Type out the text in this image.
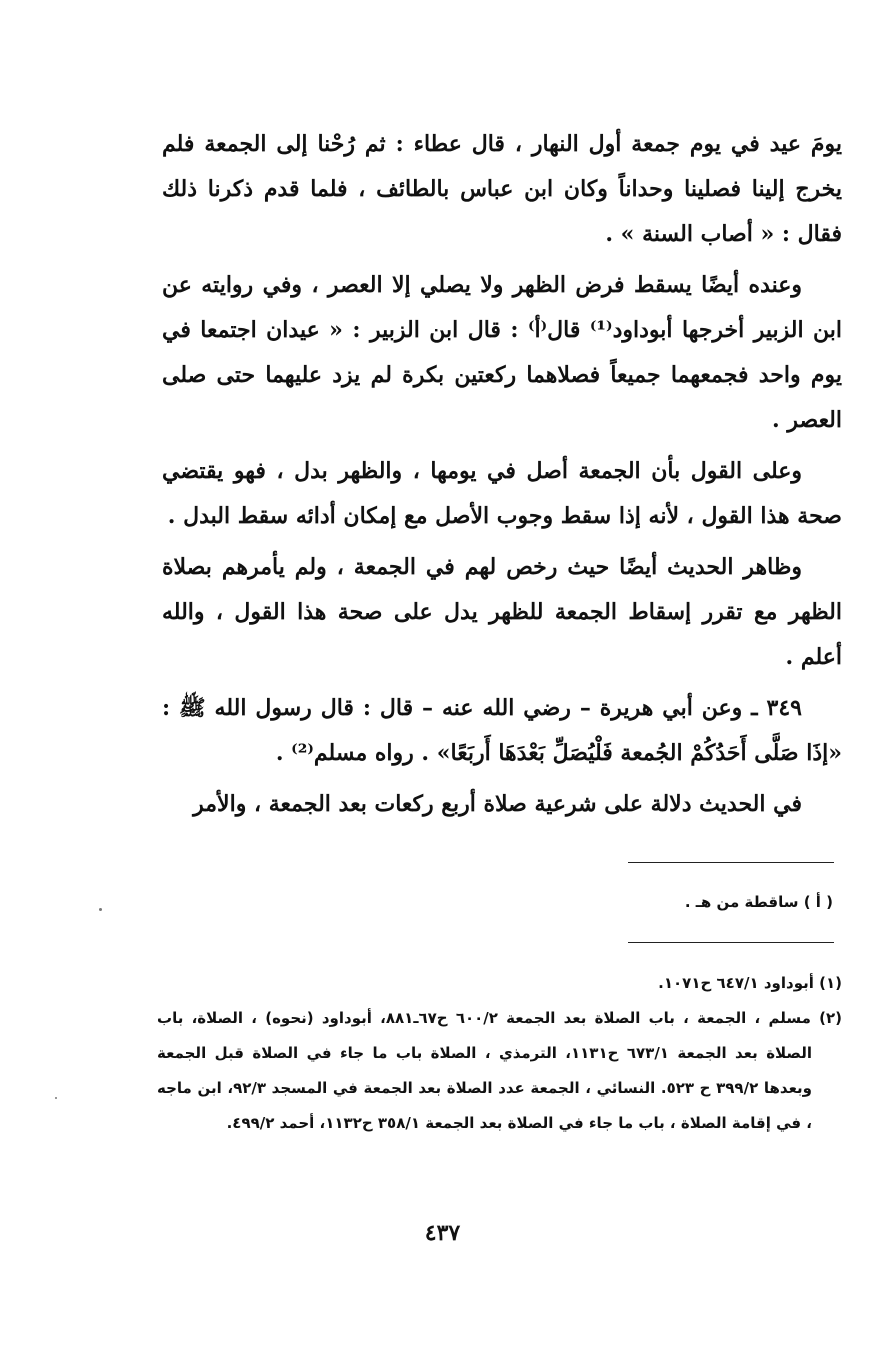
يومَ عيد في يوم جمعة أول النهار ، قال عطاء : ثم رُحْنا إلى الجمعة فلم يخرج إلينا فصلينا وحداناً وكان ابن عباس بالطائف ، فلما قدم ذكرنا ذلك فقال : « أصاب السنة » .

وعنده أيضًا يسقط فرض الظهر ولا يصلي إلا العصر ، وفي روايته عن ابن الزبير أخرجها أبوداود⁽¹⁾ قال⁽أ⁾ : قال ابن الزبير : « عيدان اجتمعا في يوم واحد فجمعهما جميعاً فصلاهما ركعتين بكرة لم يزد عليهما حتى صلى العصر .

وعلى القول بأن الجمعة أصل في يومها ، والظهر بدل ، فهو يقتضي صحة هذا القول ، لأنه إذا سقط وجوب الأصل مع إمكان أدائه سقط البدل .

وظاهر الحديث أيضًا حيث رخص لهم في الجمعة ، ولم يأمرهم بصلاة الظهر مع تقرر إسقاط الجمعة للظهر يدل على صحة هذا القول ، والله أعلم .

٣٤٩ ـ وعن أبي هريرة – رضي الله عنه – قال : قال رسول الله ﷺ : «إذَا صَلَّى أَحَدُكُمْ الجُمعة فَلْيُصَلِّ بَعْدَهَا أَربَعًا» . رواه مسلم⁽²⁾ .

في الحديث دلالة على شرعية صلاة أربع ركعات بعد الجمعة ، والأمر

( أ ) ساقطة من هـ .

(١) أبوداود ٦٤٧/١ ح١٠٧١.

(٢) مسلم ، الجمعة ، باب الصلاة بعد الجمعة ٦٠٠/٢ ح٦٧ـ٨٨١، أبوداود (نحوه) ، الصلاة، باب الصلاة بعد الجمعة ٦٧٣/١ ح١١٣١، الترمذي ، الصلاة باب ما جاء في الصلاة قبل الجمعة وبعدها ٣٩٩/٢ ح ٥٢٣. النسائي ، الجمعة عدد الصلاة بعد الجمعة في المسجد ٩٢/٣، ابن ماجه ، في إقامة الصلاة ، باب ما جاء في الصلاة بعد الجمعة ٣٥٨/١ ح١١٣٢، أحمد ٤٩٩/٢.

٤٣٧
